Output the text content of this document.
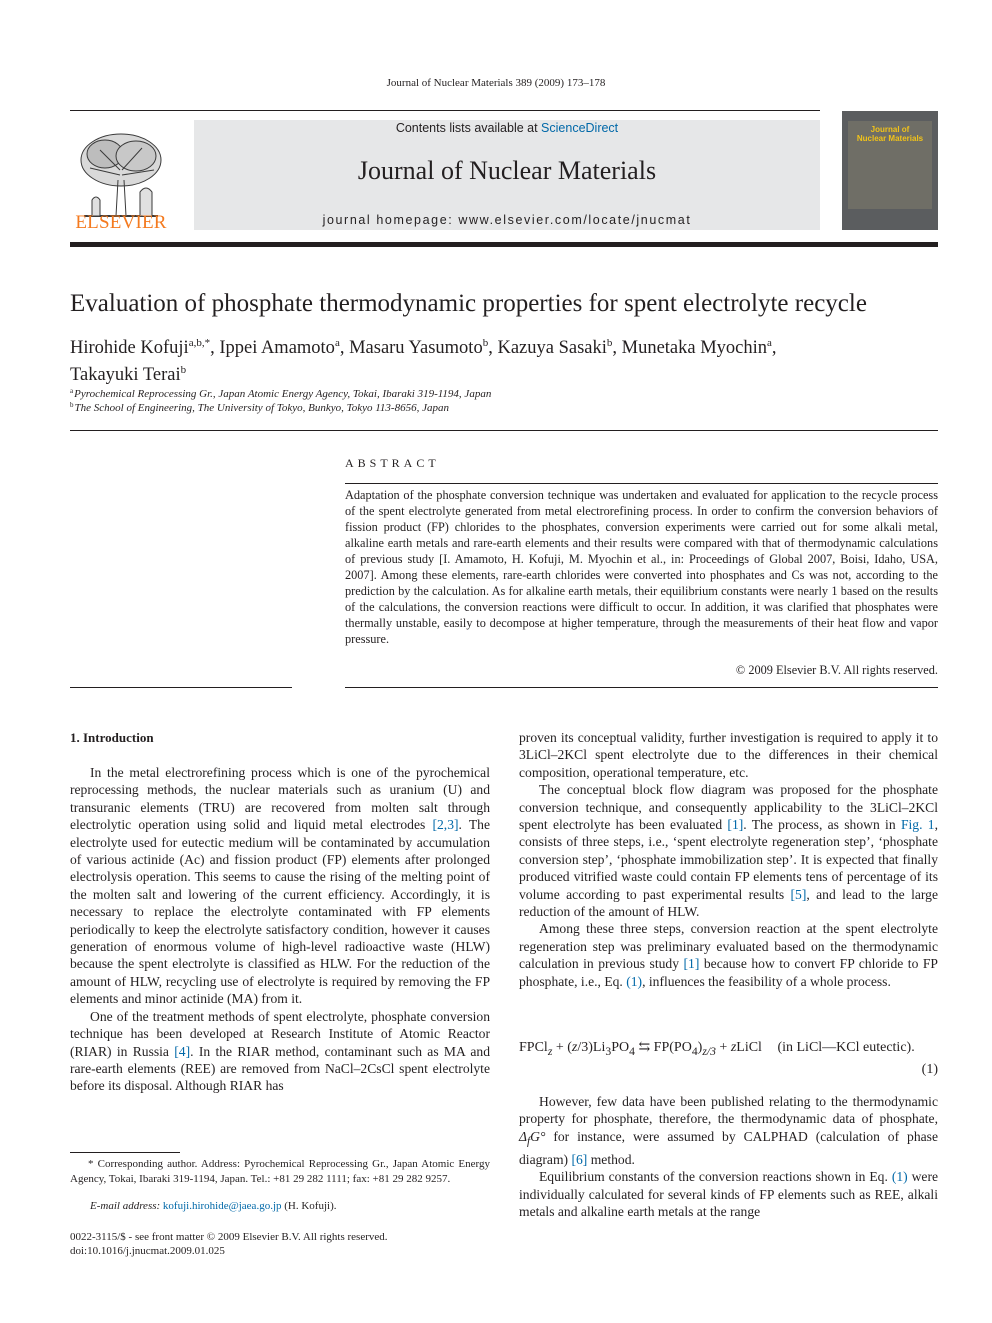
Journal of Nuclear Materials 389 (2009) 173–178
ELSEVIER
Contents lists available at ScienceDirect
Journal of Nuclear Materials
journal homepage: www.elsevier.com/locate/jnucmat
Journal of
Nuclear Materials
Evaluation of phosphate thermodynamic properties for spent electrolyte recycle
Hirohide Kofuji$^{a,b,*}$, Ippei Amamoto$^a$, Masaru Yasumoto$^b$, Kazuya Sasaki$^b$, Munetaka Myochin$^a$,
Takayuki Terai$^b$
$^a$Pyrochemical Reprocessing Gr., Japan Atomic Energy Agency, Tokai, Ibaraki 319-1194, Japan
$^b$The School of Engineering, The University of Tokyo, Bunkyo, Tokyo 113-8656, Japan
ABSTRACT
Adaptation of the phosphate conversion technique was undertaken and evaluated for application to the recycle process of the spent electrolyte generated from metal electrorefining process. In order to confirm the conversion behaviors of fission product (FP) chlorides to the phosphates, conversion experiments were carried out for some alkali metal, alkaline earth metals and rare-earth elements and their results were compared with that of thermodynamic calculations of previous study [I. Amamoto, H. Kofuji, M. Myochin et al., in: Proceedings of Global 2007, Boisi, Idaho, USA, 2007]. Among these elements, rare-earth chlorides were converted into phosphates and Cs was not, according to the prediction by the calculation. As for alkaline earth metals, their equilibrium constants were nearly 1 based on the results of the calculations, the conversion reactions were difficult to occur. In addition, it was clarified that phosphates were thermally unstable, easily to decompose at higher temperature, through the measurements of their heat flow and vapor pressure.
© 2009 Elsevier B.V. All rights reserved.
1. Introduction

In the metal electrorefining process which is one of the pyrochemical reprocessing methods, the nuclear materials such as uranium (U) and transuranic elements (TRU) are recovered from molten salt through electrolytic operation using solid and liquid metal electrodes [2,3]. The electrolyte used for eutectic medium will be contaminated by accumulation of various actinide (Ac) and fission product (FP) elements after prolonged electrolysis operation. This seems to cause the rising of the melting point of the molten salt and lowering of the current efficiency. Accordingly, it is necessary to replace the electrolyte contaminated with FP elements periodically to keep the electrolyte satisfactory condition, however it causes generation of enormous volume of high-level radioactive waste (HLW) because the spent electrolyte is classified as HLW. For the reduction of the amount of HLW, recycling use of electrolyte is required by removing the FP elements and minor actinide (MA) from it.

One of the treatment methods of spent electrolyte, phosphate conversion technique has been developed at Research Institute of Atomic Reactor (RIAR) in Russia [4]. In the RIAR method, contaminant such as MA and rare-earth elements (REE) are removed from NaCl–2CsCl spent electrolyte before its disposal. Although RIAR has

* Corresponding author. Address: Pyrochemical Reprocessing Gr., Japan Atomic Energy Agency, Tokai, Ibaraki 319-1194, Japan. Tel.: +81 29 282 1111; fax: +81 29 282 9257.
E-mail address: kofuji.hirohide@jaea.go.jp (H. Kofuji).
0022-3115/$ - see front matter © 2009 Elsevier B.V. All rights reserved.
doi:10.1016/j.jnucmat.2009.01.025

proven its conceptual validity, further investigation is required to apply it to 3LiCl–2KCl spent electrolyte due to the differences in their chemical composition, operational temperature, etc.

The conceptual block flow diagram was proposed for the phosphate conversion technique, and consequently applicability to the 3LiCl–2KCl spent electrolyte has been evaluated [1]. The process, as shown in Fig. 1, consists of three steps, i.e., ‘spent electrolyte regeneration step’, ‘phosphate conversion step’, ‘phosphate immobilization step’. It is expected that finally produced vitrified waste could contain FP elements tens of percentage of its volume according to past experimental results [5], and lead to the large reduction of the amount of HLW.

Among these three steps, conversion reaction at the spent electrolyte regeneration step was preliminary evaluated based on the thermodynamic calculation in previous study [1] because how to convert FP chloride to FP phosphate, i.e., Eq. (1), influences the feasibility of a whole process.

FPCl$_z$ + $(z/3)Li_3PO_4$ ⇆ $FP(PO_4)_{z/3}$ + zLiCl (in LiCl—KCl eutectic).
(1)

However, few data have been published relating to the thermodynamic property for phosphate, therefore, the thermodynamic data of phosphate, $\Delta_fG^\circ$ for instance, were assumed by CALPHAD (calculation of phase diagram) [6] method.

Equilibrium constants of the conversion reactions shown in Eq. (1) were individually calculated for several kinds of FP elements such as REE, alkali metals and alkaline earth metals at the range
